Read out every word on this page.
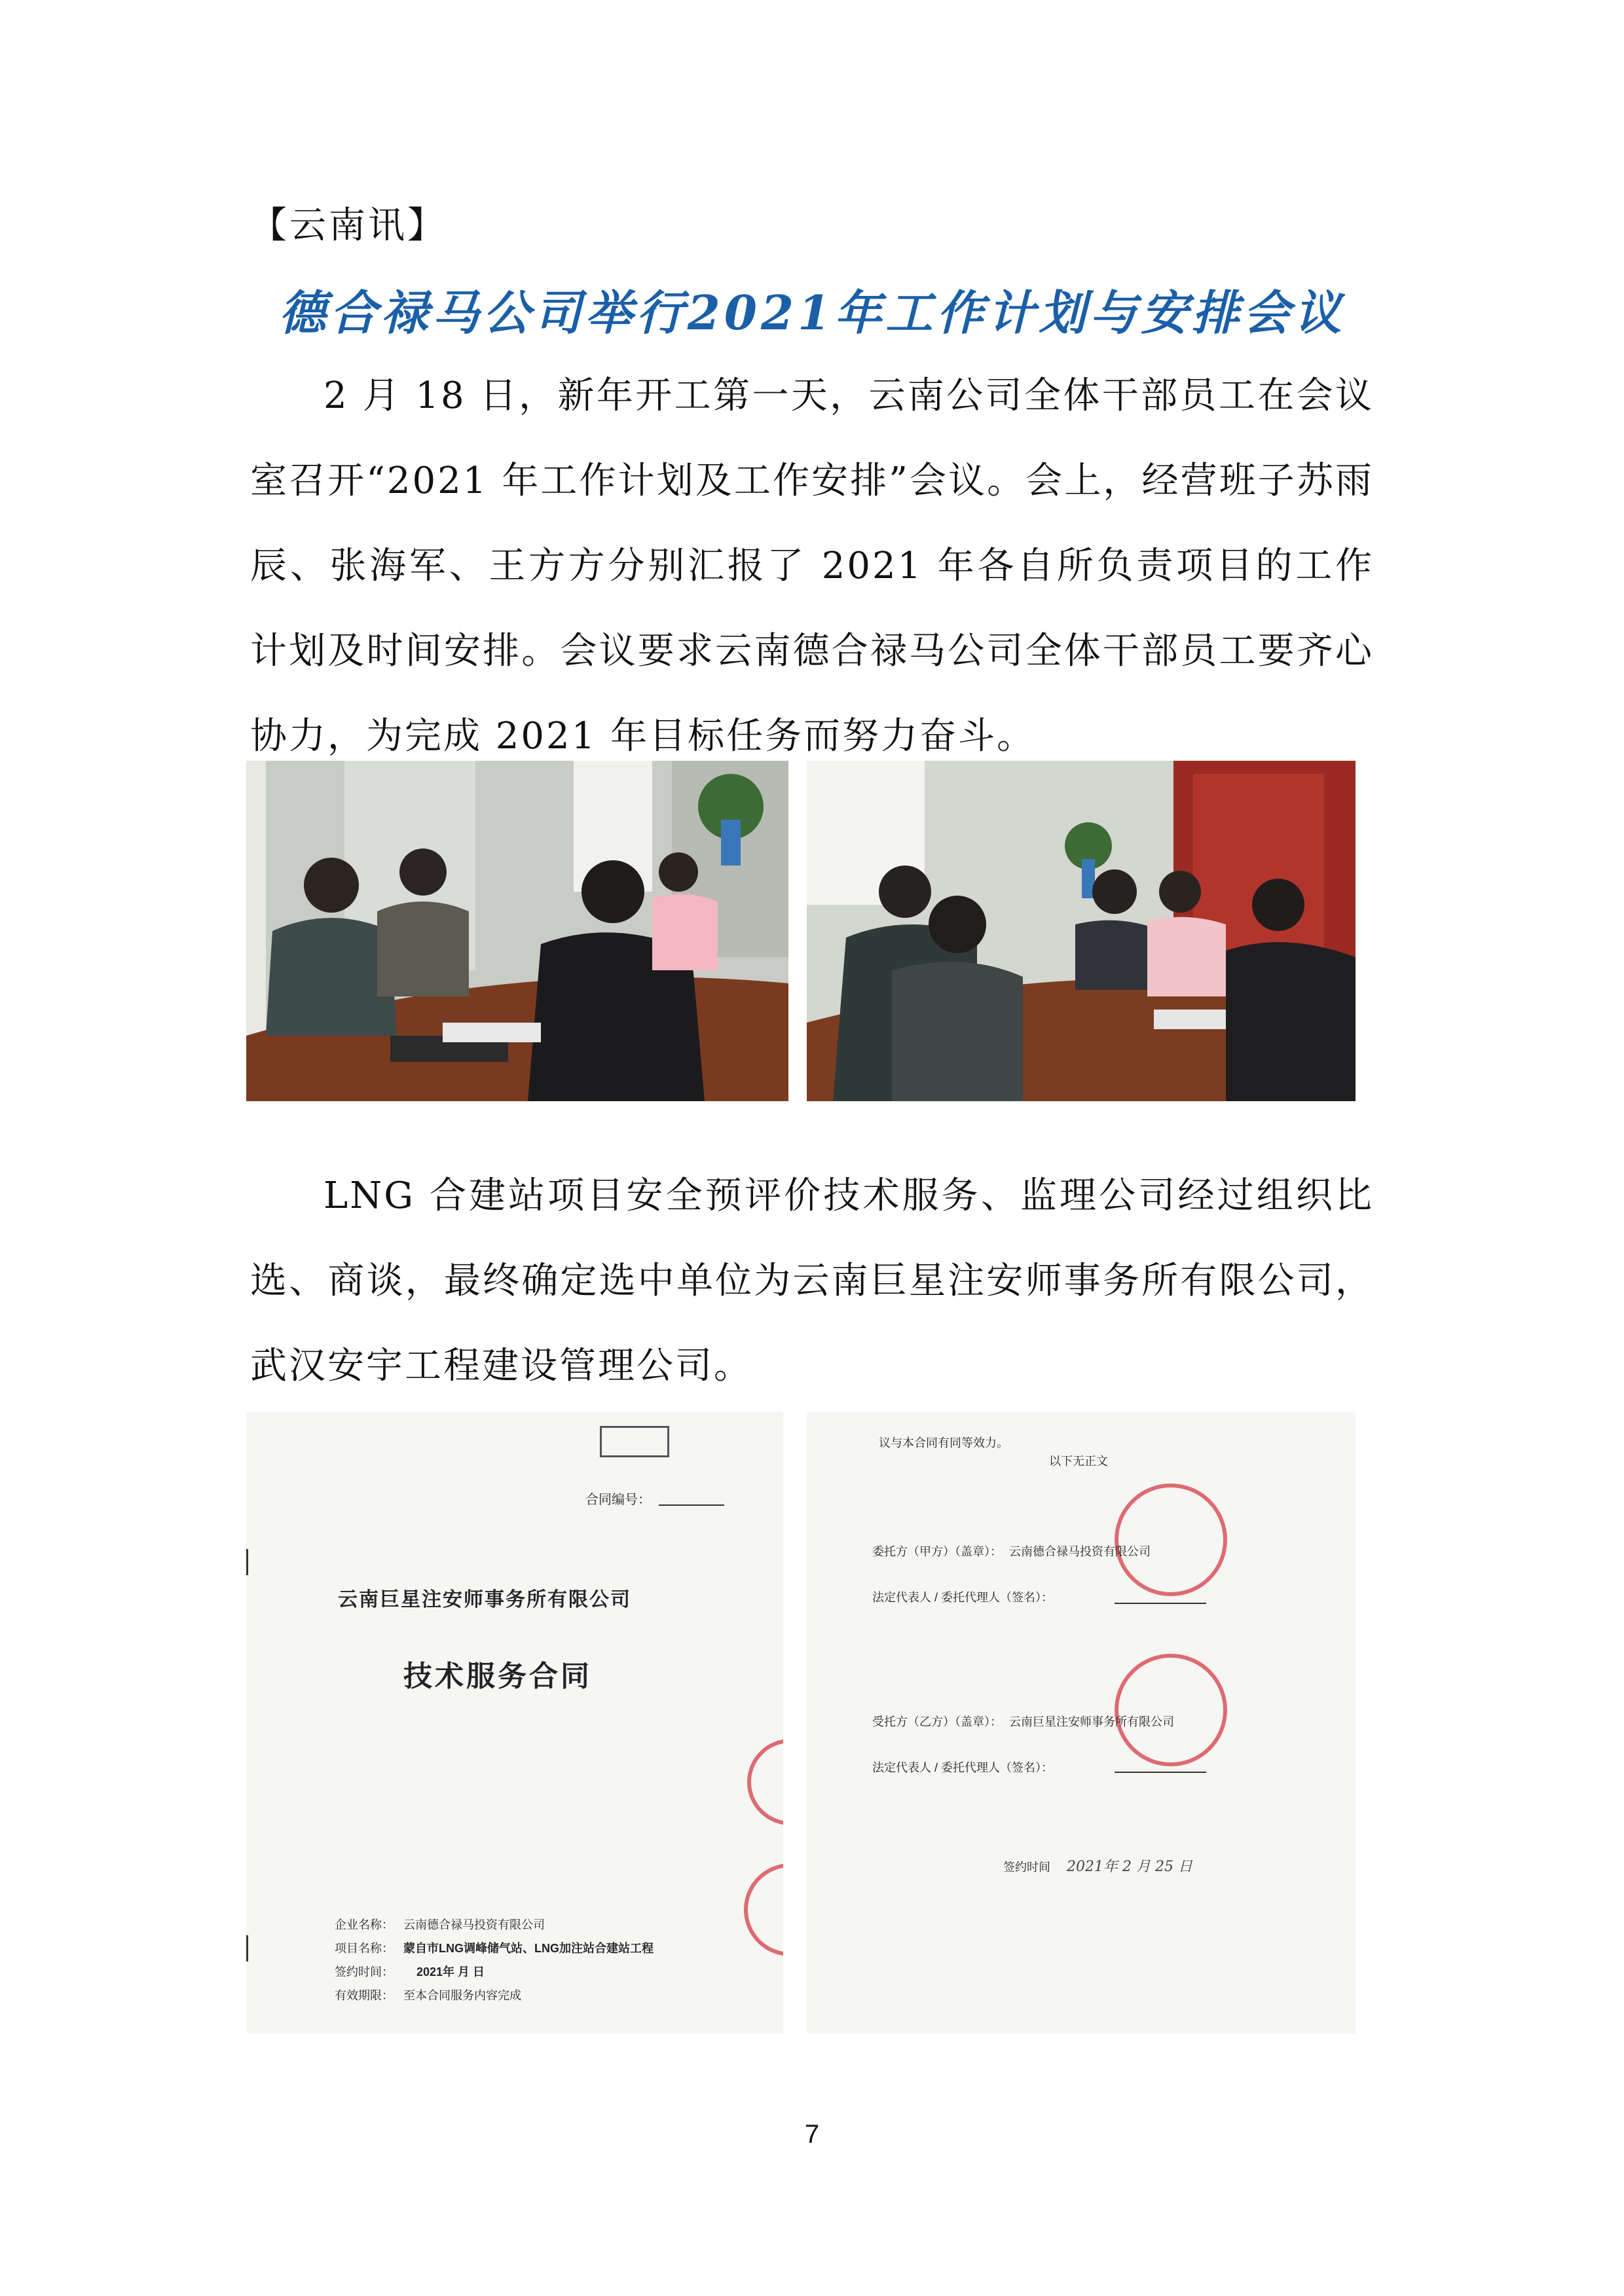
【云南讯】
德合禄马公司举行2021年工作计划与安排会议
2 月 18 日，新年开工第一天，云南公司全体干部员工在会议室召开“2021 年工作计划及工作安排”会议。会上，经营班子苏雨辰、张海军、王方方分别汇报了 2021 年各自所负责项目的工作计划及时间安排。会议要求云南德合禄马公司全体干部员工要齐心协力，为完成 2021 年目标任务而努力奋斗。
LNG 合建站项目安全预评价技术服务、监理公司经过组织比选、商谈，最终确定选中单位为云南巨星注安师事务所有限公司，武汉安宇工程建设管理公司。
合同编号：
云南巨星注安师事务所有限公司
技术服务合同
企业名称： 云南德合禄马投资有限公司
项目名称： 蒙自市LNG调峰储气站、LNG加注站合建站工程
签约时间： 2021年 月 日
有效期限： 至本合同服务内容完成
议与本合同有同等效力。
以下无正文
委托方（甲方）（盖章）： 云南德合禄马投资有限公司
法定代表人 / 委托代理人（签名）：

受托方（乙方）（盖章）： 云南巨星注安师事务所有限公司
法定代表人 / 委托代理人（签名）：

签约时间 2021年 2 月 25 日
7
